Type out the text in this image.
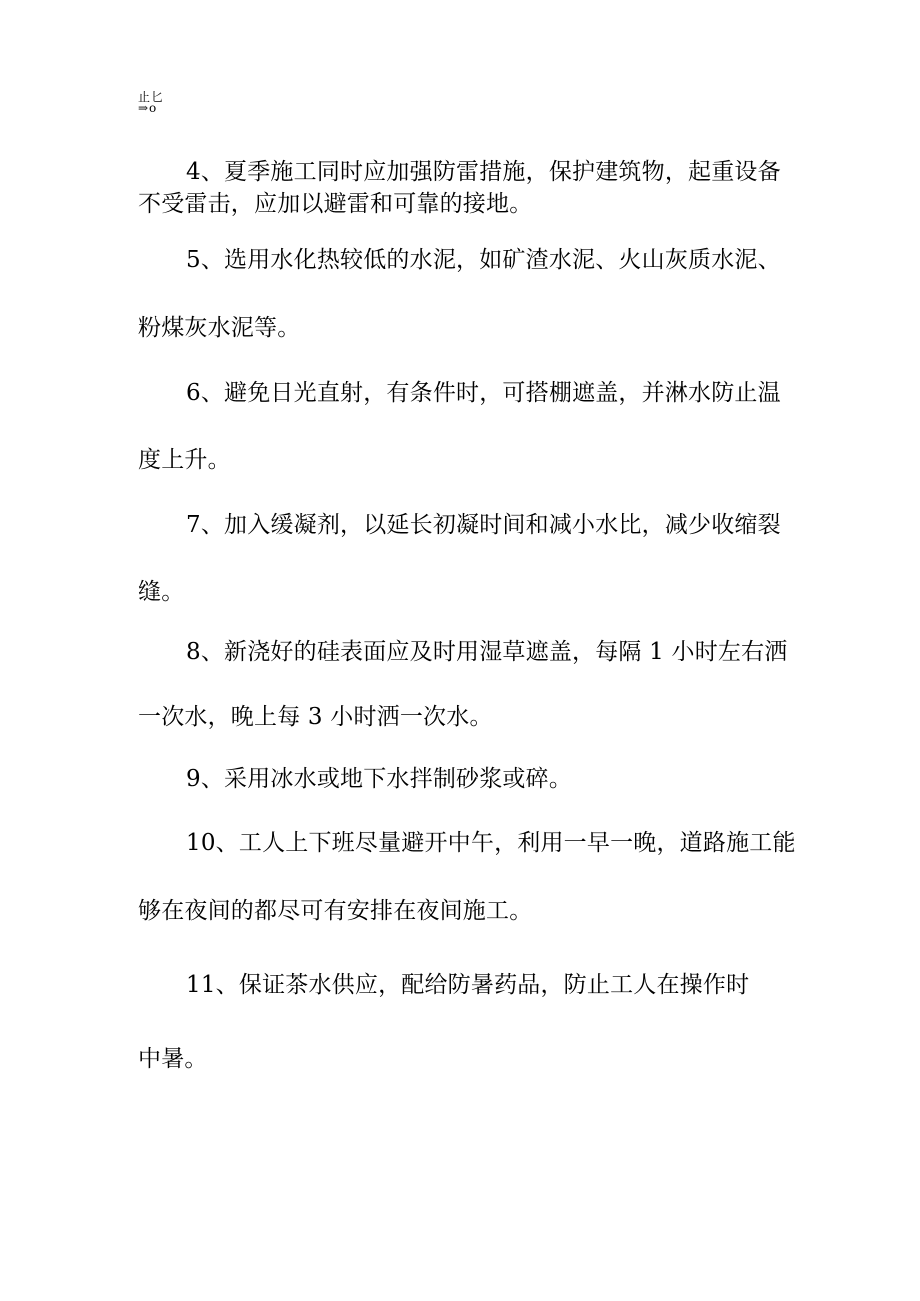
止匕
⇒o
4、夏季施工同时应加强防雷措施，保护建筑物，起重设备
不受雷击，应加以避雷和可靠的接地。
5、选用水化热较低的水泥，如矿渣水泥、火山灰质水泥、
粉煤灰水泥等。
6、避免日光直射，有条件时，可搭棚遮盖，并淋水防止温
度上升。
7、加入缓凝剂，以延长初凝时间和减小水比，减少收缩裂
缝。
8、新浇好的硅表面应及时用湿草遮盖，每隔 1 小时左右洒
一次水，晚上每 3 小时洒一次水。
9、采用冰水或地下水拌制砂浆或碎。
10、工人上下班尽量避开中午，利用一早一晚，道路施工能
够在夜间的都尽可有安排在夜间施工。
11、保证茶水供应，配给防暑药品，防止工人在操作时
中暑。
